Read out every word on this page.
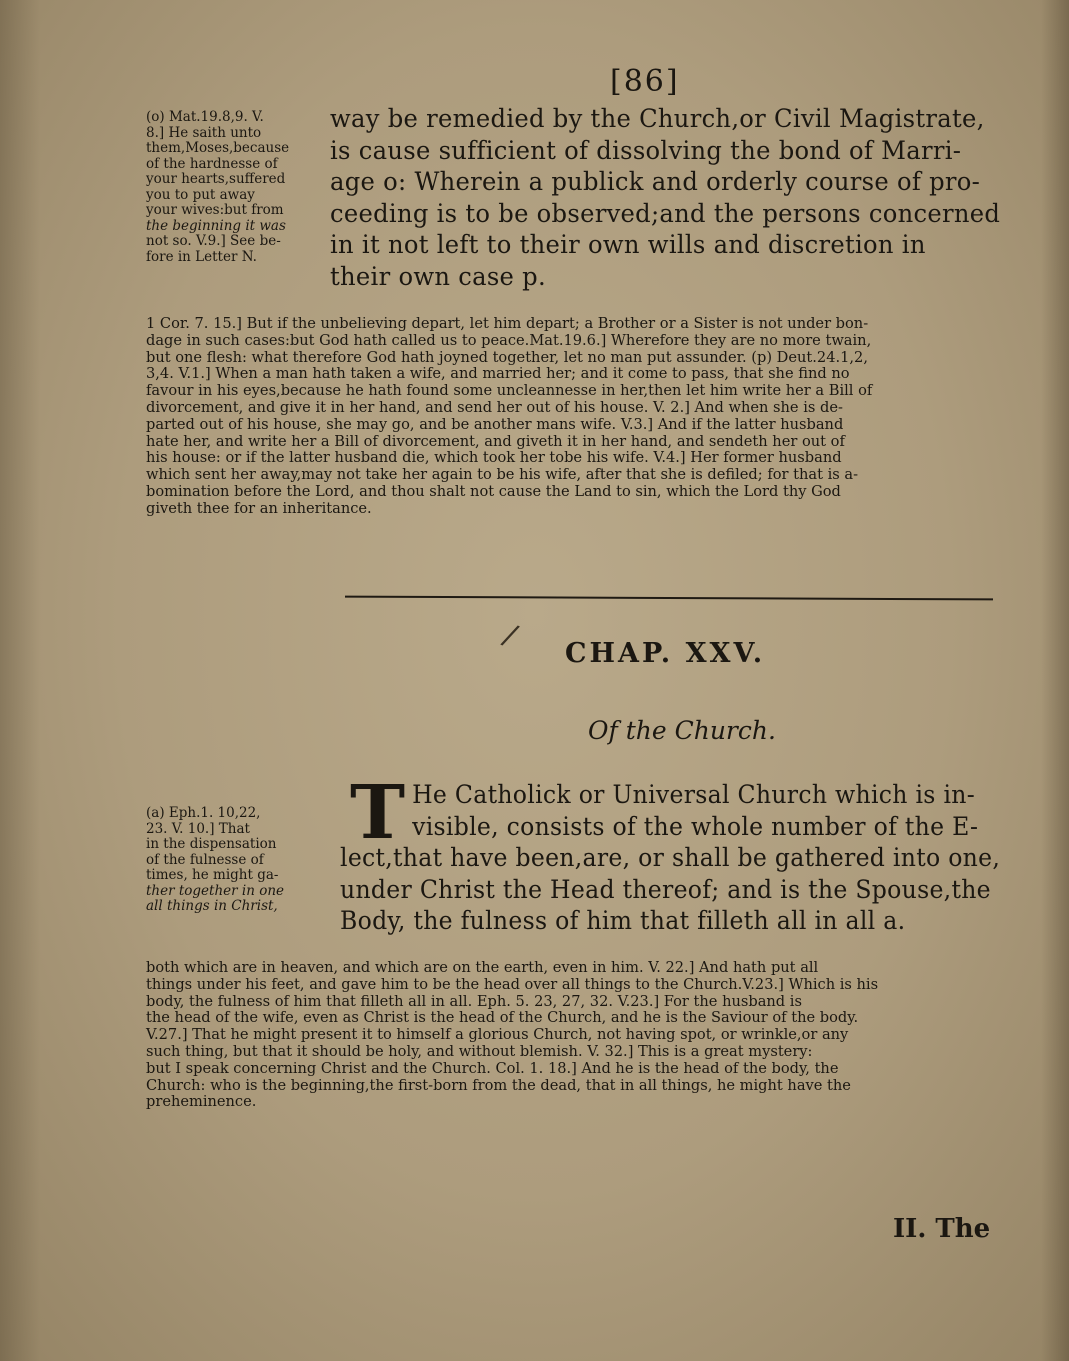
[86]
(o) Mat.19.8,9. V.
8.] He saith unto
them,Moses,because
of the hardnesse of
your hearts,suffered
you to put away
your wives:but from
the beginning it was
not so. V.9.] See be-
fore in Letter N.
way be remedied by the Church,or Civil Magistrate,
is cause sufficient of dissolving the bond of Marri-
age o: Wherein a publick and orderly course of pro-
ceeding is to be observed;and the persons concerned
in it not left to their own wills and discretion in
their own case p.
1 Cor. 7. 15.] But if the unbelieving depart, let him depart; a Brother or a Sister is not under bon-
dage in such cases:but God hath called us to peace.Mat.19.6.] Wherefore they are no more twain,
but one flesh: what therefore God hath joyned together, let no man put assunder. (p) Deut.24.1,2,
3,4. V.1.] When a man hath taken a wife, and married her; and it come to pass, that she find no
favour in his eyes,because he hath found some uncleannesse in her,then let him write her a Bill of
divorcement, and give it in her hand, and send her out of his house. V. 2.] And when she is de-
parted out of his house, she may go, and be another mans wife. V.3.] And if the latter husband
hate her, and write her a Bill of divorcement, and giveth it in her hand, and sendeth her out of
his house: or if the latter husband die, which took her tobe his wife. V.4.] Her former husband
which sent her away,may not take her again to be his wife, after that she is defiled; for that is a-
bomination before the Lord, and thou shalt not cause the Land to sin, which the Lord thy God
giveth thee for an inheritance.
/
CHAP. XXV.
Of the Church.
(a) Eph.1. 10,22,
23. V. 10.] That
in the dispensation
of the fulnesse of
times, he might ga-
ther together in one
all things in Christ,
T He Catholick or Universal Church which is in-
visible, consists of the whole number of the E-
lect,that have been,are, or shall be gathered into one,
under Christ the Head thereof; and is the Spouse,the
Body, the fulness of him that filleth all in all a.
both which are in heaven, and which are on the earth, even in him. V. 22.] And hath put all
things under his feet, and gave him to be the head over all things to the Church.V.23.] Which is his
body, the fulness of him that filleth all in all. Eph. 5. 23, 27, 32. V.23.] For the husband is
the head of the wife, even as Christ is the head of the Church, and he is the Saviour of the body.
V.27.] That he might present it to himself a glorious Church, not having spot, or wrinkle,or any
such thing, but that it should be holy, and without blemish. V. 32.] This is a great mystery:
but I speak concerning Christ and the Church. Col. 1. 18.] And he is the head of the body, the
Church: who is the beginning,the first-born from the dead, that in all things, he might have the
preheminence.
II. The
